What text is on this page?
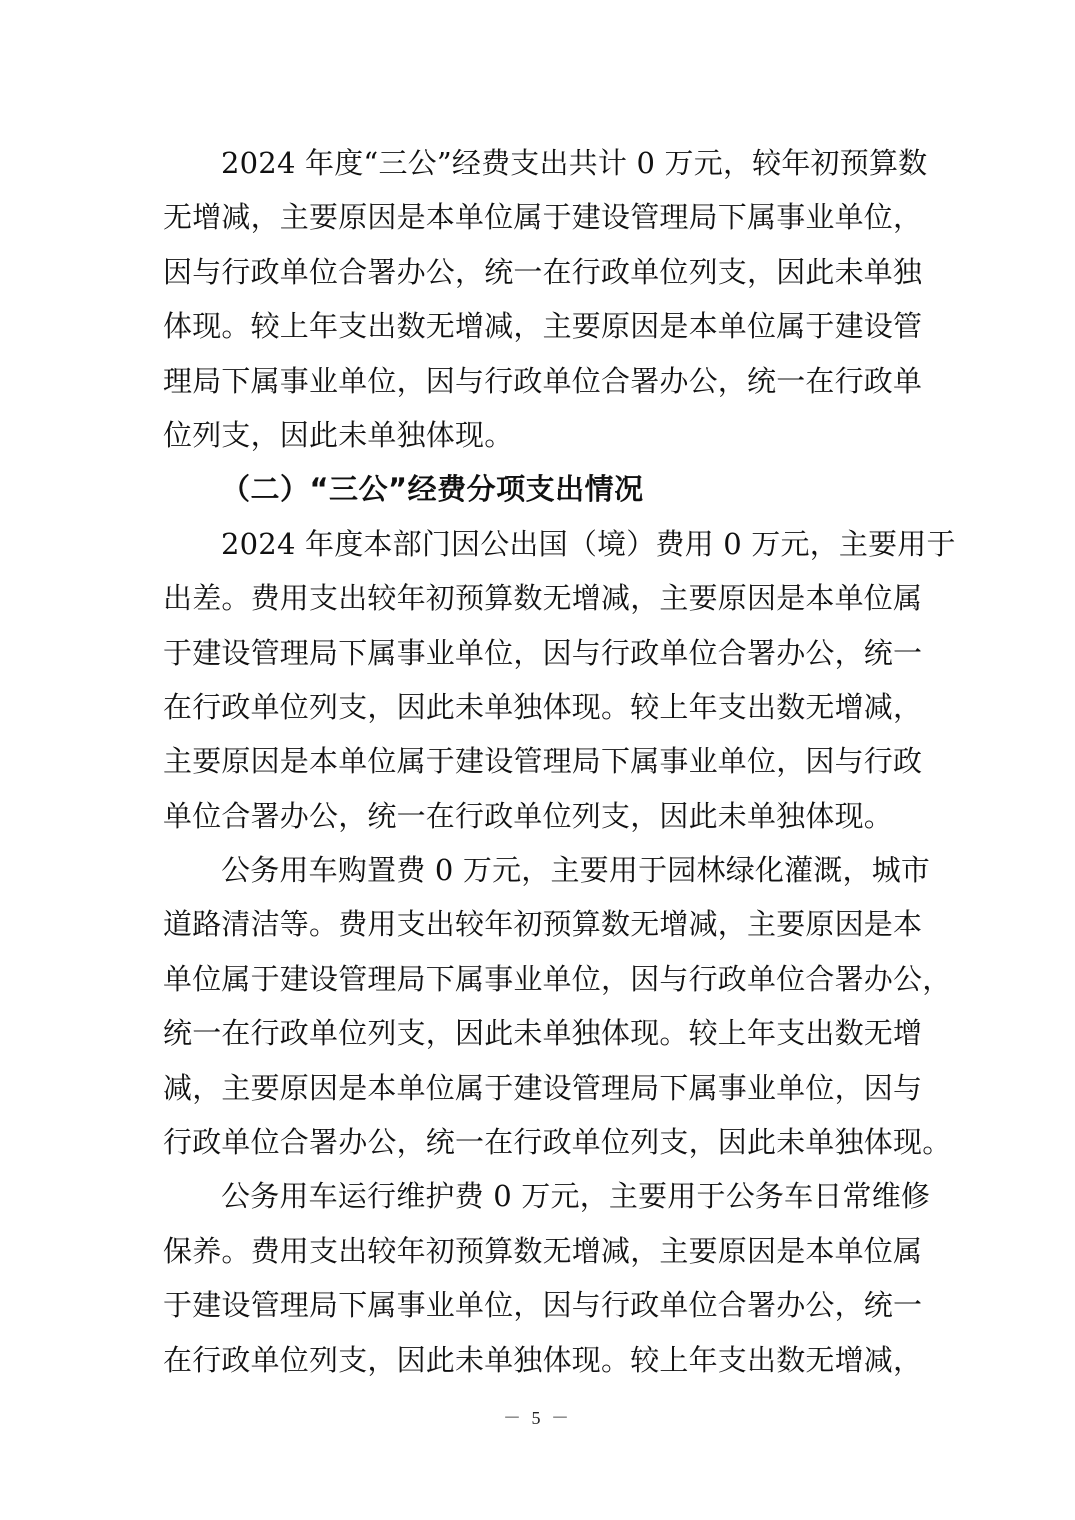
2024 年度“三公”经费支出共计 0 万元，较年初预算数
无增减，主要原因是本单位属于建设管理局下属事业单位，
因与行政单位合署办公，统一在行政单位列支，因此未单独
体现。较上年支出数无增减，主要原因是本单位属于建设管
理局下属事业单位，因与行政单位合署办公，统一在行政单
位列支，因此未单独体现。
（二）“三公”经费分项支出情况
2024 年度本部门因公出国（境）费用 0 万元，主要用于
出差。费用支出较年初预算数无增减，主要原因是本单位属
于建设管理局下属事业单位，因与行政单位合署办公，统一
在行政单位列支，因此未单独体现。较上年支出数无增减，
主要原因是本单位属于建设管理局下属事业单位，因与行政
单位合署办公，统一在行政单位列支，因此未单独体现。
公务用车购置费 0 万元，主要用于园林绿化灌溉，城市
道路清洁等。费用支出较年初预算数无增减，主要原因是本
单位属于建设管理局下属事业单位，因与行政单位合署办公，
统一在行政单位列支，因此未单独体现。较上年支出数无增
减，主要原因是本单位属于建设管理局下属事业单位，因与
行政单位合署办公，统一在行政单位列支，因此未单独体现。
公务用车运行维护费 0 万元，主要用于公务车日常维修
保养。费用支出较年初预算数无增减，主要原因是本单位属
于建设管理局下属事业单位，因与行政单位合署办公，统一
在行政单位列支，因此未单独体现。较上年支出数无增减，
－ 5 －
